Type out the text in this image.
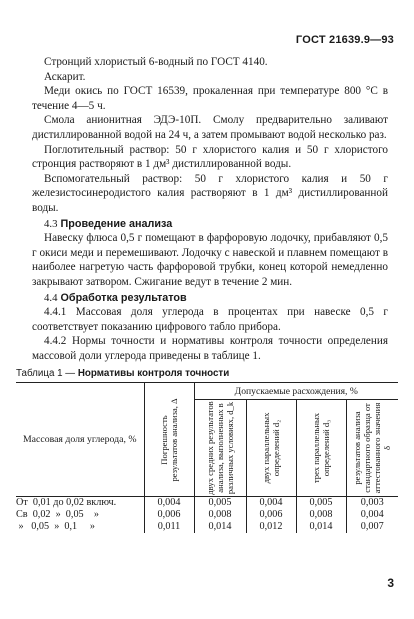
ГОСТ 21639.9—93

Стронций хлористый 6-водный по ГОСТ 4140.

Аскарит.

Меди окись по ГОСТ 16539, прокаленная при температуре 800 °С в течение 4—5 ч.

Смола анионитная ЭДЭ-10П. Смолу предварительно заливают дистиллированной водой на 24 ч, а затем промывают водой несколько раз.

Поглотительный раствор: 50 г хлористого калия и 50 г хлористого стронция растворяют в 1 дм³ дистиллированной воды.

Вспомогательный раствор: 50 г хлористого калия и 50 г железистосинеродистого калия растворяют в 1 дм³ дистиллированной воды.

4.3 Проведение анализа

Навеску флюса 0,5 г помещают в фарфоровую лодочку, прибавляют 0,5 г окиси меди и перемешивают. Лодочку с навеской и плавнем помещают в наиболее нагретую часть фарфоровой трубки, конец которой немедленно закрывают затвором. Сжигание ведут в течение 2 мин.

4.4 Обработка результатов

4.4.1 Массовая доля углерода в процентах при навеске 0,5 г соответствует показанию цифрового табло прибора.

4.4.2 Нормы точности и нормативы контроля точности определения массовой доли углерода приведены в таблице 1.

Таблица 1 — Нормативы контроля точности
Массовая доля углерода, %	Погрешность результатов анализа, Δ	Допускаемые расхождения, %			

		двух средних результатов анализа, выполненных в различных условиях, d_k	двух параллельных определений d₂	трех параллельных определений d₃	результатов анализа стандартного образца от аттестованного значения δ

От  0,01 до 0,02 включ.	0,004	0,005	0,004	0,005	0,003
Св  0,02  »  0,05    »	0,006	0,008	0,006	0,008	0,004
»   0,05  »  0,1     »	0,011	0,014	0,012	0,014	0,007
3
